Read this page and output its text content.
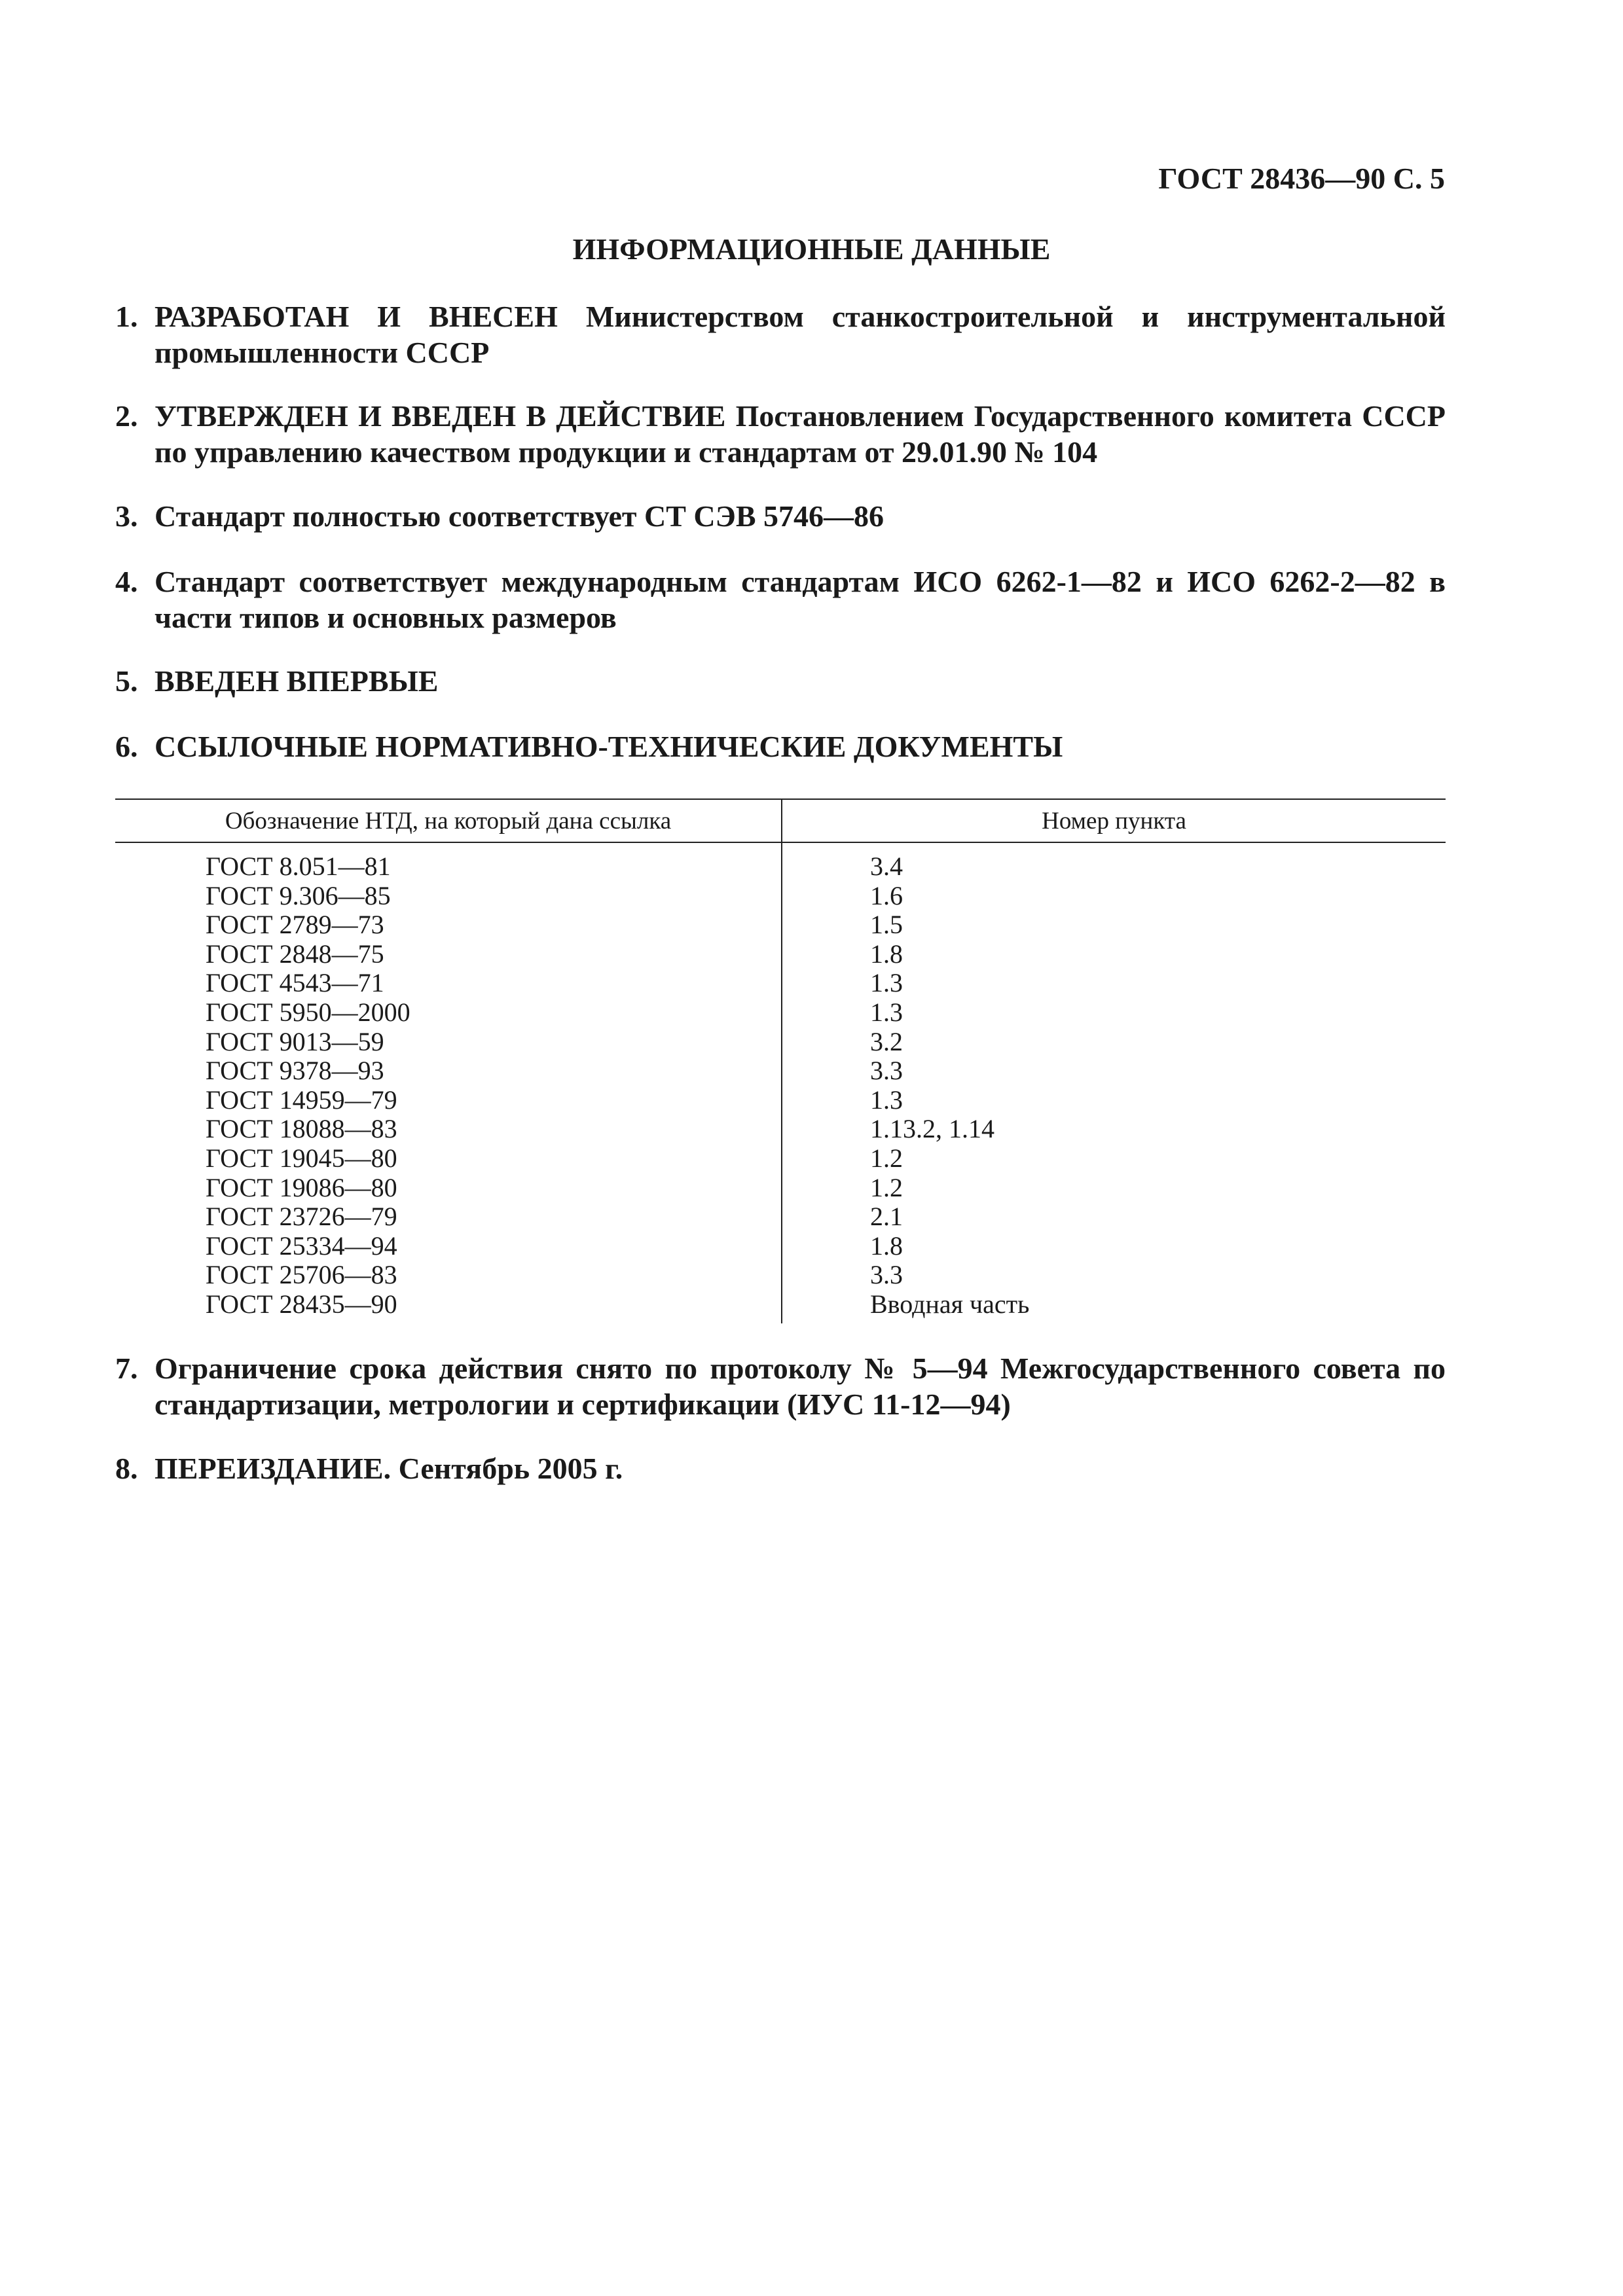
ГОСТ 28436—90 С. 5
ИНФОРМАЦИОННЫЕ ДАННЫЕ
1. РАЗРАБОТАН И ВНЕСЕН Министерством станкостроительной и инструментальной промышленности СССР
2. УТВЕРЖДЕН И ВВЕДЕН В ДЕЙСТВИЕ Постановлением Государственного комитета СССР по управлению качеством продукции и стандартам от 29.01.90 № 104
3. Стандарт полностью соответствует СТ СЭВ 5746—86
4. Стандарт соответствует международным стандартам ИСО 6262-1—82 и ИСО 6262-2—82 в части типов и основных размеров
5. ВВЕДЕН ВПЕРВЫЕ
6. ССЫЛОЧНЫЕ НОРМАТИВНО-ТЕХНИЧЕСКИЕ ДОКУМЕНТЫ
Обозначение НТД, на который дана ссылка	Номер пункта
ГОСТ 8.051—81	3.4
ГОСТ 9.306—85	1.6
ГОСТ 2789—73	1.5
ГОСТ 2848—75	1.8
ГОСТ 4543—71	1.3
ГОСТ 5950—2000	1.3
ГОСТ 9013—59	3.2
ГОСТ 9378—93	3.3
ГОСТ 14959—79	1.3
ГОСТ 18088—83	1.13.2, 1.14
ГОСТ 19045—80	1.2
ГОСТ 19086—80	1.2
ГОСТ 23726—79	2.1
ГОСТ 25334—94	1.8
ГОСТ 25706—83	3.3
ГОСТ 28435—90	Вводная часть
7. Ограничение срока действия снято по протоколу № 5—94 Межгосударственного совета по стандартизации, метрологии и сертификации (ИУС 11-12—94)
8. ПЕРЕИЗДАНИЕ. Сентябрь 2005 г.
